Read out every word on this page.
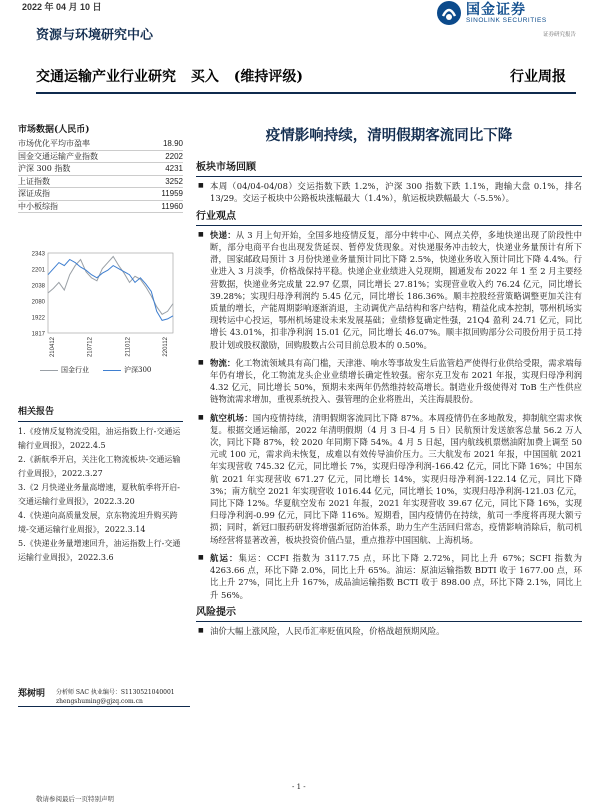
2022 年 04 月 10 日
资源与环境研究中心
国金证券
SINOLINK SECURITIES
证券研究报告
交通运输产业行业研究 买入 (维持评级)	行业周报
市场数据(人民币)
市场优化平均市盈率	18.90
国金交通运输产业指数	2202
沪深 300 指数	4231
上证指数	3252
深证成指	11959
中小板综指	11960
2343
2201
2038
2080
1922
1817
210412	210712	211012	220112
国金行业	沪深300
相关报告
1.《疫情反复物流受阻，油运指数上行-交通运输行业周报》，2022.4.5
2.《新航季开启，关注化工物流板块-交通运输行业周报》，2022.3.27
3.《2 月快递业务量高增速，夏秋航季将开启-交通运输行业周报》，2022.3.20
4.《快递向高质量发展，京东物流坦升购买跨境-交通运输行业周报》，2022.3.14
5.《快递业务量增速回升，油运指数上行-交通运输行业周报》，2022.3.6
郑树明 分析师 SAC 执业编号：S1130521040001
zhengshuming@gjzq.com.cn
疫情影响持续，清明假期客流同比下降
板块市场回顾
■ 本周（04/04-04/08）交运指数下跌 1.2%，沪深 300 指数下跌 1.1%，跑输大盘 0.1%，排名 13/29。交运子板块中公路板块涨幅最大（1.4%），航运板块跌幅最大（-5.5%）。
行业观点
■ 快递：从 3 月上旬开始，全国多地疫情反复，部分中转中心、网点关停，多地快递出现了阶段性中断，部分电商平台也出现发货延误、暂停发货现象。对快递服务冲击较大，快递业务量预计有所下滑，国家邮政局预计 3 月份快递业务量预计同比下降 2.5%，快递业务收入预计同比下降 4.4%。行业进入 3 月淡季，价格战保持平稳。快递企业业绩进入兑现期，圆通发布 2022 年 1 至 2 月主要经营数据，快递业务完成量 22.97 亿票，同比增长 27.81%；实现营业收入约 76.24 亿元，同比增长 39.28%；实现归母净利润约 5.45 亿元，同比增长 186.36%。顺丰控股经营策略调整更加关注有质量的增长，产能周期影响逐渐消退，主动调优产品结构和客户结构，精益化成本控制，鄂州机场实现转运中心投运，鄂州机场建设未来发展基础；业绩修复确定性强，21Q4 盈利 24.71 亿元，同比增长 43.01%，扣非净利润 15.01 亿元，同比增长 46.07%。顺丰拟回购部分公司股份用于员工持股计划或股权激励，回购股数占公司目前总股本的 0.50%。
■ 物流：化工物流领域具有高门槛，天津港、响水等事故发生后监管趋严使得行业供给受限，需求端每年仍有增长，化工物流龙头企业业绩增长确定性较强。密尔克卫发布 2021 年报，实现归母净利润 4.32 亿元，同比增长 50%，预期未来两年仍然维持较高增长。制造业升级使得对 ToB 生产性供应链物流需求增加，重视系统投入、强管理的企业将胜出，关注海晨股份。
■ 航空机场：国内疫情持续，清明假期客流同比下降 87%。本周疫情仍在多地散发，抑制航空需求恢复。根据交通运输部，2022 年清明假期（4 月 3 日-4 月 5 日）民航预计发送旅客总量 56.2 万人次，同比下降 87%，较 2020 年同期下降 54%。4 月 5 日起，国内航线机票燃油附加费上调至 50 元或 100 元，需求尚未恢复，成难以有效传导油价压力。三大航发布 2021 年报，中国国航 2021 年实现营收 745.32 亿元，同比增长 7%，实现归母净利润-166.42 亿元，同比下降 16%；中国东航 2021 年实现营收 671.27 亿元，同比增长 14%，实现归母净利润-122.14 亿元，同比下降 3%；南方航空 2021 年实现营收 1016.44 亿元，同比增长 10%，实现归母净利润-121.03 亿元，同比下降 12%。华夏航空发布 2021 年报，2021 年实现营收 39.67 亿元，同比下降 16%，实现归母净利润-0.99 亿元，同比下降 116%。短期看，国内疫情仍在持续，航司一季度将再现大额亏损；同时，新冠口服药研发将增强新冠防治体系，助力生产生活回归常态，疫情影响消除后，航司机场经营将显著改善，板块投资价值凸显，重点推荐中国国航、上海机场。
■ 航运：集运：CCFI 指数为 3117.75 点，环比下降 2.72%，同比上升 67%；SCFI 指数为 4263.66 点，环比下降 2.0%，同比上升 65%。油运：原油运输指数 BDTI 收于 1677.00 点，环比上升 27%，同比上升 167%，成品油运输指数 BCTI 收于 898.00 点，环比下降 2.1%，同比上升 56%。
风险提示
■ 油价大幅上涨风险，人民币汇率贬值风险，价格战超预期风险。
- 1 -
敬请参阅最后一页特别声明
